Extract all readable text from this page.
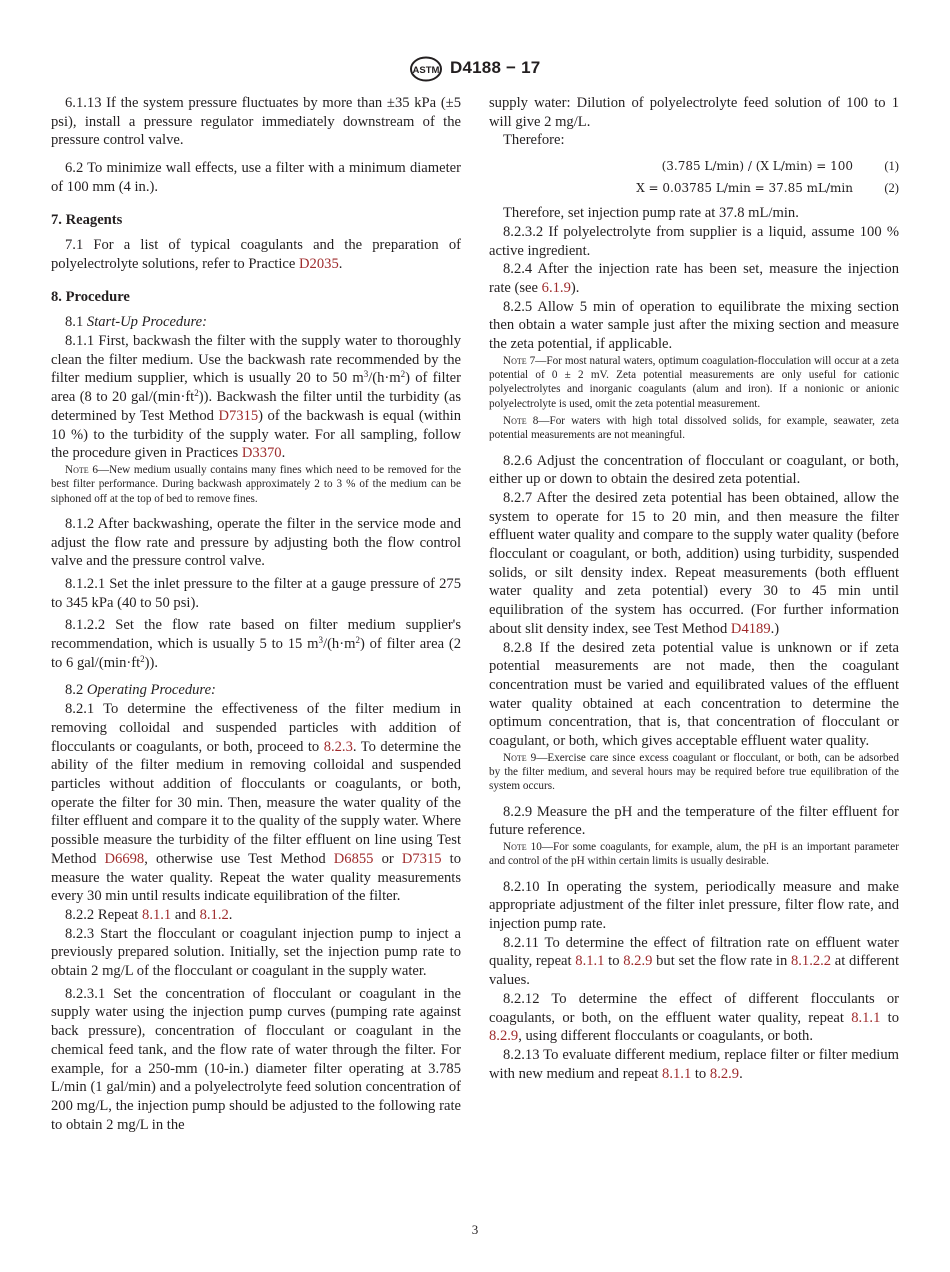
ASTM D4188 − 17

6.1.13 If the system pressure fluctuates by more than ±35 kPa (±5 psi), install a pressure regulator immediately downstream of the pressure control valve.

6.2 To minimize wall effects, use a filter with a minimum diameter of 100 mm (4 in.).

7. Reagents

7.1 For a list of typical coagulants and the preparation of polyelectrolyte solutions, refer to Practice D2035.

8. Procedure

8.1 Start-Up Procedure:

8.1.1 First, backwash the filter with the supply water to thoroughly clean the filter medium. Use the backwash rate recommended by the filter medium supplier, which is usually 20 to 50 $m^3/(h\cdot m^2)$ of filter area (8 to 20 gal/$(\min\cdot ft^2)$). Backwash the filter until the turbidity (as determined by Test Method D7315) of the backwash is equal (within 10 %) to the turbidity of the supply water. For all sampling, follow the procedure given in Practices D3370.

Note 6—New medium usually contains many fines which need to be removed for the best filter performance. During backwash approximately 2 to 3 % of the medium can be siphoned off at the top of bed to remove fines.

8.1.2 After backwashing, operate the filter in the service mode and adjust the flow rate and pressure by adjusting both the flow control valve and the pressure control valve.

8.1.2.1 Set the inlet pressure to the filter at a gauge pressure of 275 to 345 kPa (40 to 50 psi).

8.1.2.2 Set the flow rate based on filter medium supplier's recommendation, which is usually 5 to 15 $m^3/(h\cdot m^2)$ of filter area (2 to 6 gal/$(\min\cdot ft^2)$).

8.2 Operating Procedure:

8.2.1 To determine the effectiveness of the filter medium in removing colloidal and suspended particles with addition of flocculants or coagulants, or both, proceed to 8.2.3. To determine the ability of the filter medium in removing colloidal and suspended particles without addition of flocculants or coagulants, or both, operate the filter for 30 min. Then, measure the water quality of the filter effluent and compare it to the quality of the supply water. Where possible measure the turbidity of the filter effluent on line using Test Method D6698, otherwise use Test Method D6855 or D7315 to measure the water quality. Repeat the water quality measurements every 30 min until results indicate equilibration of the filter.

8.2.2 Repeat 8.1.1 and 8.1.2.

8.2.3 Start the flocculant or coagulant injection pump to inject a previously prepared solution. Initially, set the injection pump rate to obtain 2 mg/L of the flocculant or coagulant in the supply water.

8.2.3.1 Set the concentration of flocculant or coagulant in the supply water using the injection pump curves (pumping rate against back pressure), concentration of flocculant or coagulant in the chemical feed tank, and the flow rate of water through the filter. For example, for a 250-mm (10-in.) diameter filter operating at 3.785 L/min (1 gal/min) and a polyelectrolyte feed solution concentration of 200 mg/L, the injection pump should be adjusted to the following rate to obtain 2 mg/L in the

supply water: Dilution of polyelectrolyte feed solution of 100 to 1 will give 2 mg/L.

Therefore:

(3.785 L/min) / (X L/min) = 100	(1)
X = 0.03785 L/min = 37.85 mL/min	(2)

Therefore, set injection pump rate at 37.8 mL/min.

8.2.3.2 If polyelectrolyte from supplier is a liquid, assume 100 % active ingredient.

8.2.4 After the injection rate has been set, measure the injection rate (see 6.1.9).

8.2.5 Allow 5 min of operation to equilibrate the mixing section then obtain a water sample just after the mixing section and measure the zeta potential, if applicable.

Note 7—For most natural waters, optimum coagulation-flocculation will occur at a zeta potential of 0 ± 2 mV. Zeta potential measurements are only useful for cationic polyelectrolytes and inorganic coagulants (alum and iron). If a nonionic or anionic polyelectrolyte is used, omit the zeta potential measurement.

Note 8—For waters with high total dissolved solids, for example, seawater, zeta potential measurements are not meaningful.

8.2.6 Adjust the concentration of flocculant or coagulant, or both, either up or down to obtain the desired zeta potential.

8.2.7 After the desired zeta potential has been obtained, allow the system to operate for 15 to 20 min, and then measure the filter effluent water quality and compare to the supply water quality (before flocculant or coagulant, or both, addition) using turbidity, suspended solids, or silt density index. Repeat measurements (both effluent water quality and zeta potential) every 30 to 45 min until equilibration of the system has occurred. (For further information about slit density index, see Test Method D4189.)

8.2.8 If the desired zeta potential value is unknown or if zeta potential measurements are not made, then the coagulant concentration must be varied and equilibrated values of the effluent water quality obtained at each concentration to determine the optimum concentration, that is, that concentration of flocculant or coagulant, or both, which gives acceptable effluent water quality.

Note 9—Exercise care since excess coagulant or flocculant, or both, can be adsorbed by the filter medium, and several hours may be required before true equilibration of the system occurs.

8.2.9 Measure the pH and the temperature of the filter effluent for future reference.

Note 10—For some coagulants, for example, alum, the pH is an important parameter and control of the pH within certain limits is usually desirable.

8.2.10 In operating the system, periodically measure and make appropriate adjustment of the filter inlet pressure, filter flow rate, and injection pump rate.

8.2.11 To determine the effect of filtration rate on effluent water quality, repeat 8.1.1 to 8.2.9 but set the flow rate in 8.1.2.2 at different values.

8.2.12 To determine the effect of different flocculants or coagulants, or both, on the effluent water quality, repeat 8.1.1 to 8.2.9, using different flocculants or coagulants, or both.

8.2.13 To evaluate different medium, replace filter or filter medium with new medium and repeat 8.1.1 to 8.2.9.

3
